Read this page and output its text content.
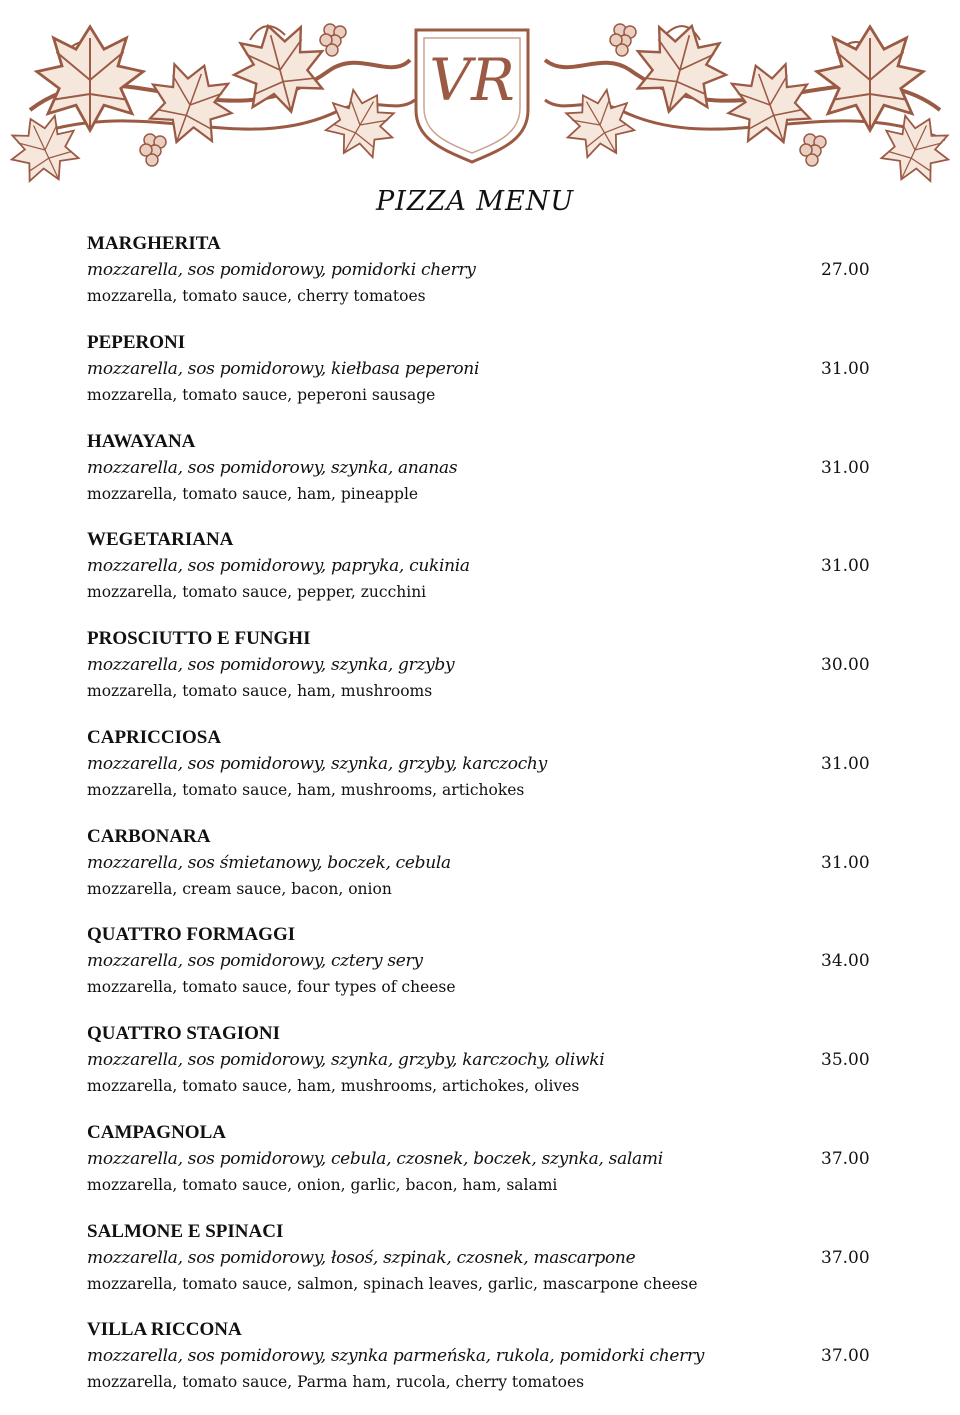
VR
PIZZA MENU
MARGHERITA
mozzarella, sos pomidorowy, pomidorki cherry
mozzarella, tomato sauce, cherry tomatoes
27.00
PEPERONI
mozzarella, sos pomidorowy, kiełbasa peperoni
mozzarella, tomato sauce, peperoni sausage
31.00
HAWAYANA
mozzarella, sos pomidorowy, szynka, ananas
mozzarella, tomato sauce, ham, pineapple
31.00
WEGETARIANA
mozzarella, sos pomidorowy, papryka, cukinia
mozzarella, tomato sauce, pepper, zucchini
31.00
PROSCIUTTO E FUNGHI
mozzarella, sos pomidorowy, szynka, grzyby
mozzarella, tomato sauce, ham, mushrooms
30.00
CAPRICCIOSA
mozzarella, sos pomidorowy, szynka, grzyby, karczochy
mozzarella, tomato sauce, ham, mushrooms, artichokes
31.00
CARBONARA
mozzarella, sos śmietanowy, boczek, cebula
mozzarella, cream sauce, bacon, onion
31.00
QUATTRO FORMAGGI
mozzarella, sos pomidorowy, cztery sery
mozzarella, tomato sauce, four types of cheese
34.00
QUATTRO STAGIONI
mozzarella, sos pomidorowy, szynka, grzyby, karczochy, oliwki
mozzarella, tomato sauce, ham, mushrooms, artichokes, olives
35.00
CAMPAGNOLA
mozzarella, sos pomidorowy, cebula, czosnek, boczek, szynka, salami
mozzarella, tomato sauce, onion, garlic, bacon, ham, salami
37.00
SALMONE E SPINACI
mozzarella, sos pomidorowy, łosoś, szpinak, czosnek, mascarpone
mozzarella, tomato sauce, salmon, spinach leaves, garlic, mascarpone cheese
37.00
VILLA RICCONA
mozzarella, sos pomidorowy, szynka parmeńska, rukola, pomidorki cherry
mozzarella, tomato sauce, Parma ham, rucola, cherry tomatoes
37.00
